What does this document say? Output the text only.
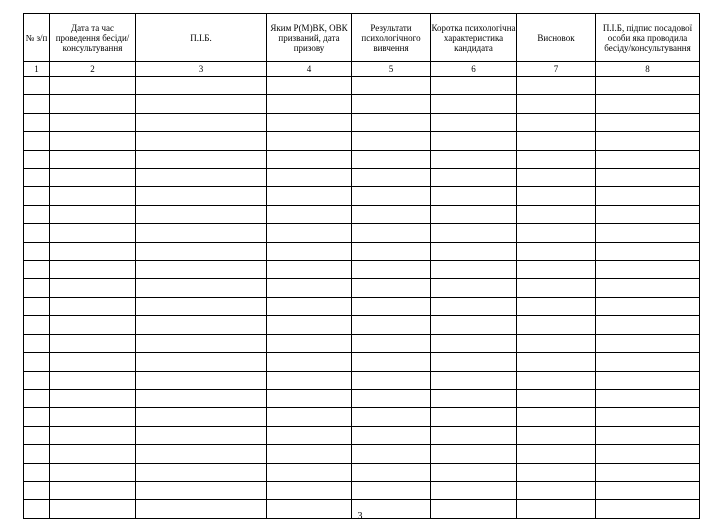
№ з/п	Дата та час проведення бесіди/ консультування	П.І.Б.	Яким Р(М)ВК, ОВК призваний, дата призову	Результати психологічного вивчення	Коротка психологічна характеристика кандидата	Висновок	П.І.Б, підпис посадової особи яка проводила бесіду/консультування
1	2	3	4	5	6	7	8

3
